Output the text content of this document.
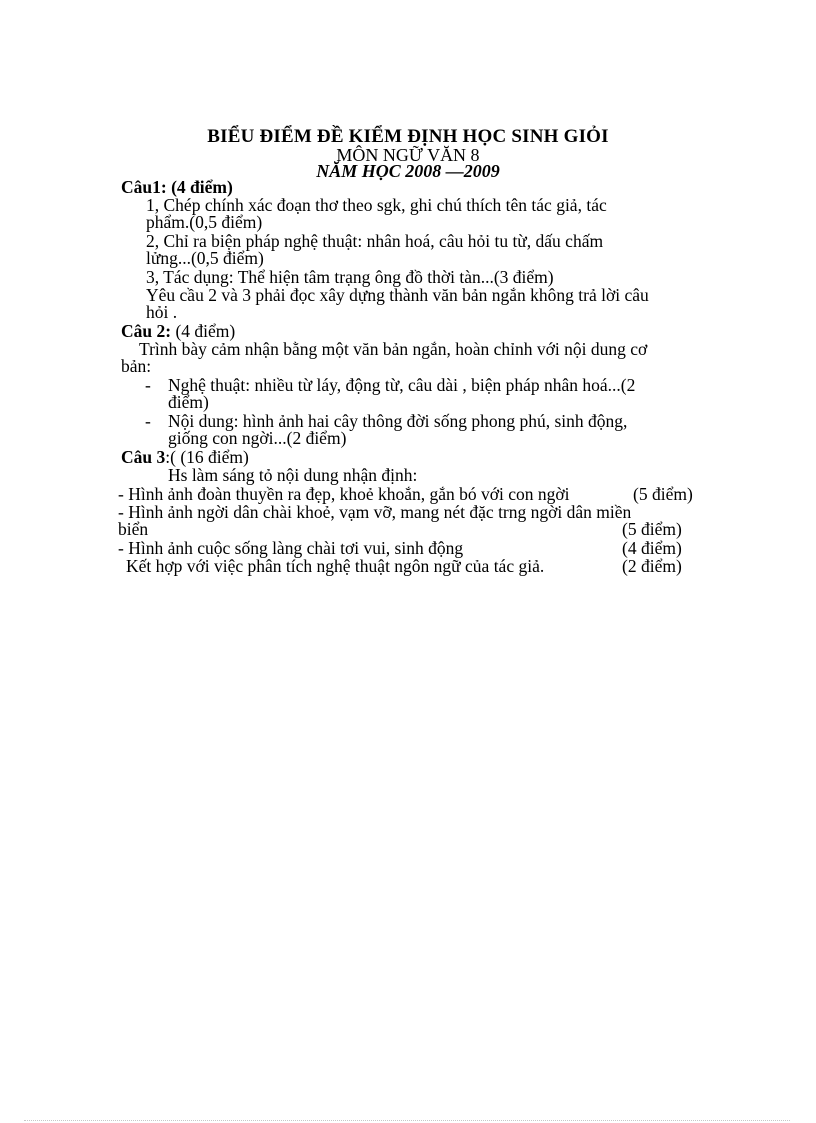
BIỂU ĐIỂM ĐỀ KIỂM ĐỊNH HỌC SINH GIỎI
MÔN NGỮ VĂN 8
NĂM HỌC 2008 —2009
Câu1: (4 điểm)
1, Chép chính xác đoạn thơ theo sgk, ghi chú thích tên tác giả, tác
phẩm.(0,5 điểm)
2, Chỉ ra biện pháp nghệ thuật: nhân hoá, câu hỏi tu từ, dấu chấm
lửng...(0,5 điểm)
3, Tác dụng: Thể hiện tâm trạng ông đồ thời tàn...(3 điểm)
Yêu cầu 2 và 3 phải đọc xây dựng thành văn bản ngắn không trả lời câu
hỏi .
Câu 2: (4 điểm)
Trình bày cảm nhận bằng một văn bản ngắn, hoàn chỉnh với nội dung cơ
bản:
- Nghệ thuật: nhiều từ láy, động từ, câu dài , biện pháp nhân hoá...(2
điểm)
- Nội dung: hình ảnh hai cây thông đời sống phong phú, sinh động,
giống con ngời...(2 điểm)
Câu 3:( (16 điểm)
Hs làm sáng tỏ nội dung nhận định:
- Hình ảnh đoàn thuyền ra đẹp, khoẻ khoắn, gắn bó với con ngời	(5 điểm)
- Hình ảnh ngời dân chài khoẻ, vạm vỡ, mang nét đặc trng ngời dân miền
biển	(5 điểm)
- Hình ảnh cuộc sống làng chài tơi vui, sinh động	(4 điểm)
Kết hợp với việc phân tích nghệ thuật ngôn ngữ của tác giả.	(2 điểm)
